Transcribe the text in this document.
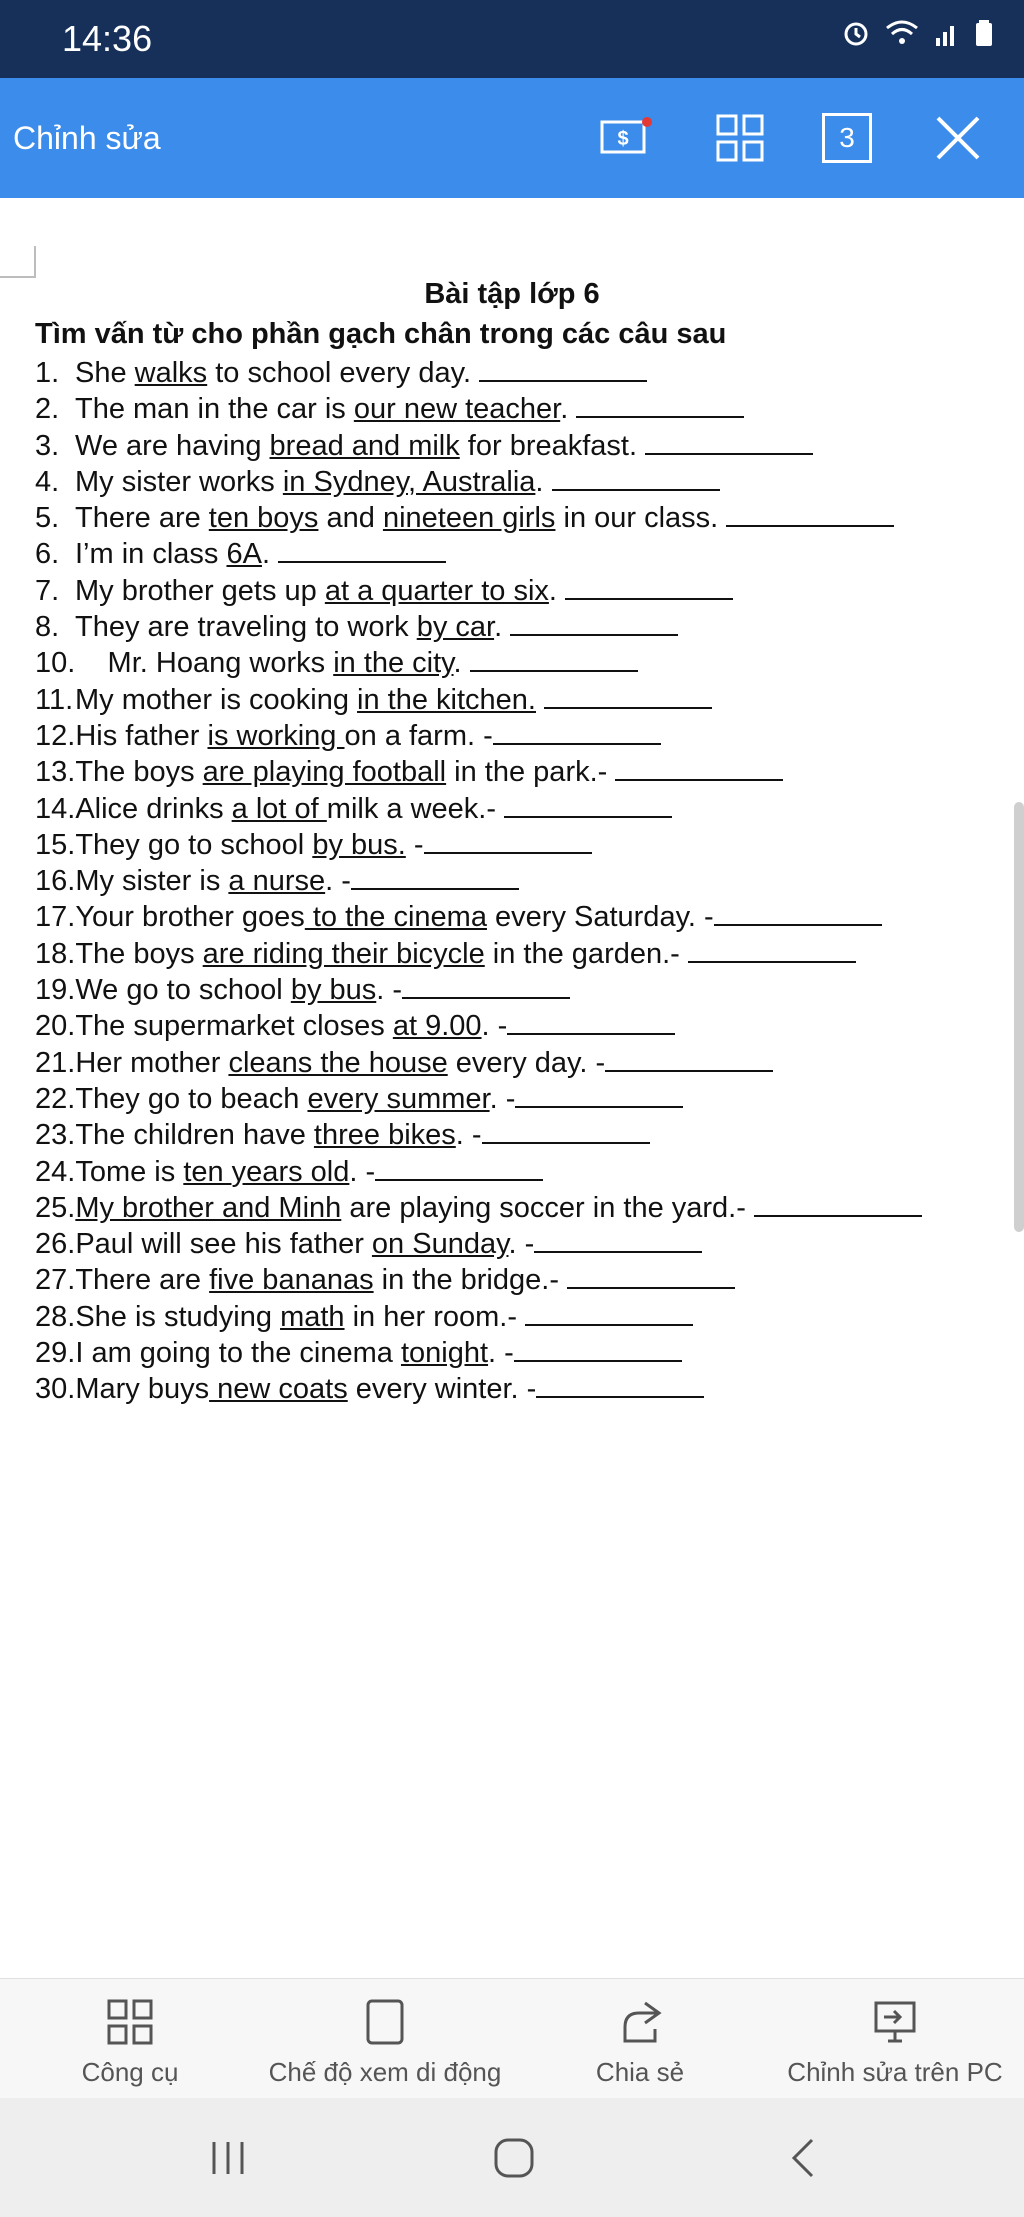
14:36

Chỉnh sửa	$	3
Bài tập lớp 6
Tìm vấn từ cho phần gạch chân trong các câu sau
1. She walks to school every day.
2. The man in the car is our new teacher.
3. We are having bread and milk for breakfast.
4. My sister works in Sydney, Australia.
5. There are ten boys and nineteen girls in our class.
6. I’m in class 6A.
7. My brother gets up at a quarter to six.
8. They are traveling to work by car.
10.    Mr. Hoang works in the city.
11.My mother is cooking in the kitchen.
12.His father is working on a farm. -
13.The boys are playing football in the park.-
14.Alice drinks a lot of milk a week.-
15.They go to school by bus. -
16.My sister is a nurse. -
17.Your brother goes to the cinema every Saturday. -
18.The boys are riding their bicycle in the garden.-
19.We go to school by bus. -
20.The supermarket closes at 9.00. -
21.Her mother cleans the house every day. -
22.They go to beach every summer. -
23.The children have three bikes. -
24.Tome is ten years old. -
25.My brother and Minh are playing soccer in the yard.-
26.Paul will see his father on Sunday. -
27.There are five bananas in the bridge.-
28.She is studying math in her room.-
29.I am going to the cinema tonight. -
30.Mary buys new coats every winter. -
Công cụ	Chế độ xem di động	Chia sẻ	Chỉnh sửa trên PC
